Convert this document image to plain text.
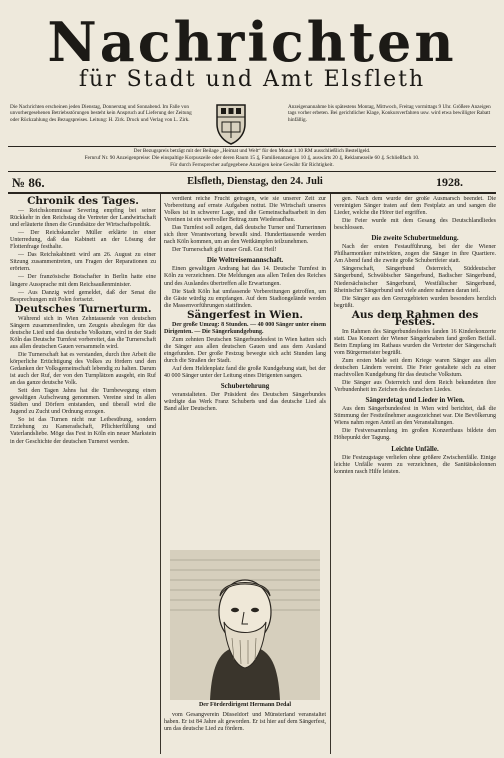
Nachrichten
für Stadt und Amt Elsfleth
Die Nachrichten erscheinen jeden Dienstag, Donnerstag und Sonnabend. Im Falle von unvorhergesehenen Betriebsstörungen besteht kein Anspruch auf Lieferung der Zeitung oder Rückzahlung des Bezugspreises. Leitung: H. Zirk. Druck und Verlag von L. Zirk.
Anzeigenannahme bis spätestens Montag, Mittwoch, Freitag vormittags 9 Uhr. Größere Anzeigen tags vorher erbeten. Bei gerichtlicher Klage, Konkursverfahren usw. wird etwa bewilligter Rabatt hinfällig.
Der Bezugspreis beträgt mit der Beilage „Heimat und Welt“ für den Monat 1.10 RM ausschließlich Bestellgeld.
Fernruf Nr. 90 Anzeigenpreise: Die einspaltige Korpuszeile oder deren Raum 15 ₰, Familienanzeigen 10 ₰, auswärts 20 ₰, Reklamezeile 60 ₰. Schließfach 10.
Für durch Fernsprecher aufgegebene Anzeigen keine Gewähr für Richtigkeit.
№ 86.	Elsfleth, Dienstag, den 24. Juli	1928.
Chronik des Tages.

— Reichskommissar Severing empfing bei seiner Rückkehr in den Reichstag die Vertreter der Landwirtschaft und erläuterte ihnen die Grundsätze der Wirtschaftspolitik.

— Der Reichskanzler Müller erklärte in einer Unterredung, daß das Kabinett an der Lösung der Flottenfrage festhalte.

— Das Reichskabinett wird am 26. August zu einer Sitzung zusammentreten, um Fragen der Reparationen zu erörtern.

— Der französische Botschafter in Berlin hatte eine längere Aussprache mit dem Reichsaußenminister.

— Aus Danzig wird gemeldet, daß der Senat die Besprechungen mit Polen fortsetzt.

Deutsches Turnerturm.

Während sich in Wien Zehntausende von deutschen Sängern zusammenfinden, um Zeugnis abzulegen für das deutsche Lied und das deutsche Volkstum, wird in der Stadt Köln das Deutsche Turnfest vorbereitet, das die Turnerschaft aus allen deutschen Gauen versammeln wird.

Die Turnerschaft hat es verstanden, durch ihre Arbeit die körperliche Ertüchtigung des Volkes zu fördern und den Gedanken der Volksgemeinschaft lebendig zu halten. Darum ist auch der Ruf, der von den Turnplätzen ausgeht, ein Ruf an das ganze deutsche Volk.

Seit den Tagen Jahns hat die Turnbewegung einen gewaltigen Aufschwung genommen. Vereine sind in allen Städten und Dörfern entstanden, und überall wird die Jugend zu Zucht und Ordnung erzogen.

So ist das Turnen nicht nur Leibesübung, sondern Erziehung zu Kameradschaft, Pflichterfüllung und Vaterlandsliebe. Möge das Fest in Köln ein neuer Markstein in der Geschichte der deutschen Turnerei werden.

verdient reiche Frucht getragen, wie sie unserer Zeit zur Vorbereitung auf ernste Aufgaben nottut. Die Wirtschaft unseres Volkes ist in schwerer Lage, und die Gemeinschaftsarbeit in den Vereinen ist ein wertvoller Beitrag zum Wiederaufbau.

Das Turnfest soll zeigen, daß deutsche Turner und Turnerinnen sich ihrer Verantwortung bewußt sind. Hunderttausende werden nach Köln kommen, um an den Wettkämpfen teilzunehmen.

Der Turnerschaft gilt unser Gruß. Gut Heil!

Die Weltreisemannschaft.

Einen gewaltigen Andrang hat das 14. Deutsche Turnfest in Köln zu verzeichnen. Die Meldungen aus allen Teilen des Reiches und des Auslandes übertreffen alle Erwartungen.

Die Stadt Köln hat umfassende Vorbereitungen getroffen, um die Gäste würdig zu empfangen. Auf dem Stadiongelände werden die Massenvorführungen stattfinden.

Sängerfest in Wien.

Der große Umzug: 8 Stunden. — 40 000 Sänger unter einem Dirigenten. — Die Sängerkundgebung.

Zum zehnten Deutschen Sängerbundesfest in Wien hatten sich die Sänger aus allen deutschen Gauen und aus dem Ausland eingefunden. Der große Festzug bewegte sich acht Stunden lang durch die Straßen der Stadt.

Auf dem Heldenplatz fand die große Kundgebung statt, bei der 40 000 Sänger unter der Leitung eines Dirigenten sangen.

Schubertehrung

veranstalteten. Der Präsident des Deutschen Sängerbundes würdigte das Werk Franz Schuberts und das deutsche Lied als Band aller Deutschen.

Der Förderdirigent Hermann Dedal

vom Gesangverein Düsseldorf und Münsterland veranstaltet haben. Er ist 84 Jahre alt geworden. Er ist hier auf dem Sängerfest, um das deutsche Lied zu fördern.

gen. Nach dem wurde der große Ausmarsch beendet. Die vereinigten Sänger traten auf dem Festplatz an und sangen die Lieder, welche die Hörer tief ergriffen.

Die Feier wurde mit dem Gesang des Deutschlandliedes beschlossen.

Die zweite Schubertmeldung.

Nach der ersten Festaufführung, bei der die Wiener Philharmoniker mitwirkten, zogen die Sänger in ihre Quartiere. Am Abend fand die zweite große Schubertfeier statt.

Sängerschaft, Sängerbund Österreich, Süddeutscher Sängerbund, Schwäbischer Sängerbund, Badischer Sängerbund, Niedersächsischer Sängerbund, Westfälischer Sängerbund, Rheinischer Sängerbund und viele andere nahmen daran teil.

Die Sänger aus den Grenzgebieten wurden besonders herzlich begrüßt.

Aus dem Rahmen des Festes.

Im Rahmen des Sängerbundesfestes fanden 16 Kinderkonzerte statt. Das Konzert der Wiener Sängerknaben fand großen Beifall. Beim Empfang im Rathaus wurden die Vertreter der Sängerschaft vom Bürgermeister begrüßt.

Zum ersten Male seit dem Kriege waren Sänger aus allen deutschen Ländern vereint. Die Feier gestaltete sich zu einer machtvollen Kundgebung für das deutsche Volkstum.

Die Sänger aus Österreich und dem Reich bekundeten ihre Verbundenheit im Zeichen des deutschen Liedes.

Sängerdetag und Lieder in Wien.

Aus dem Sängerbundesfest in Wien wird berichtet, daß die Stimmung der Festteilnehmer ausgezeichnet war. Die Bevölkerung Wiens nahm regen Anteil an den Veranstaltungen.

Die Festversammlung im großen Konzerthaus bildete den Höhepunkt der Tagung.

Leichte Unfälle.

Die Festzugstage verliefen ohne größere Zwischenfälle. Einige leichte Unfälle waren zu verzeichnen, die Sanitätskolonnen konnten rasch Hilfe leisten.
